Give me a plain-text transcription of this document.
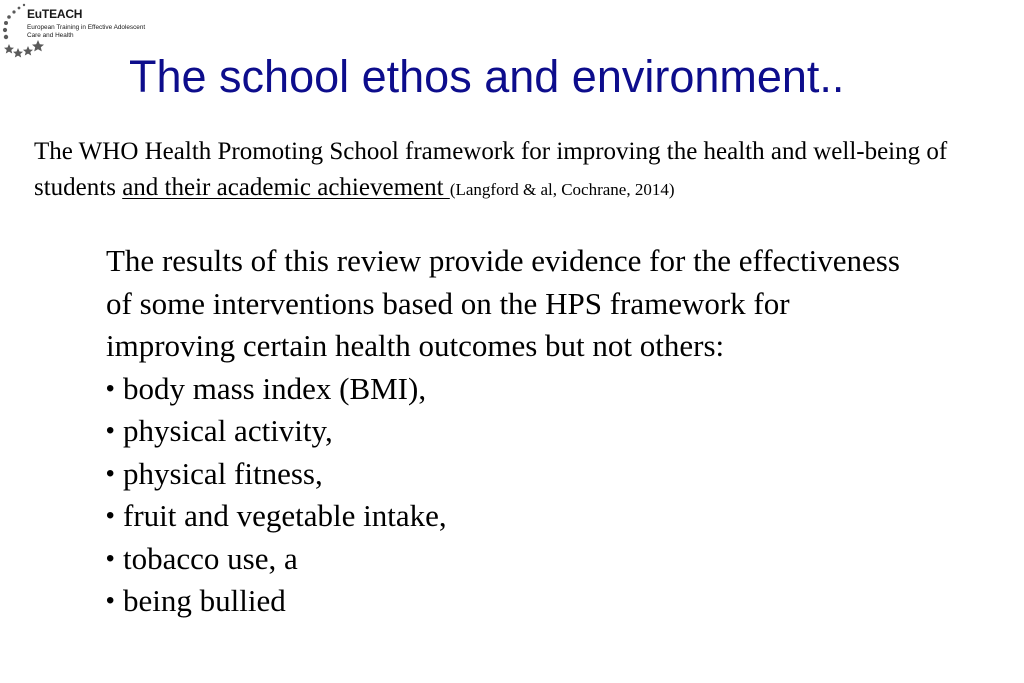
EuTEACH
European Training in Effective Adolescent Care and Health
The school ethos and environment..

The WHO Health Promoting School framework for improving the health and well-being of students and their academic achievement (Langford & al, Cochrane, 2014)

The results of this review provide evidence for the effectiveness of some interventions based on the HPS framework for improving certain health outcomes but not others:

• body mass index (BMI),
• physical activity,
• physical fitness,
• fruit and vegetable intake,
• tobacco use, a
• being bullied
